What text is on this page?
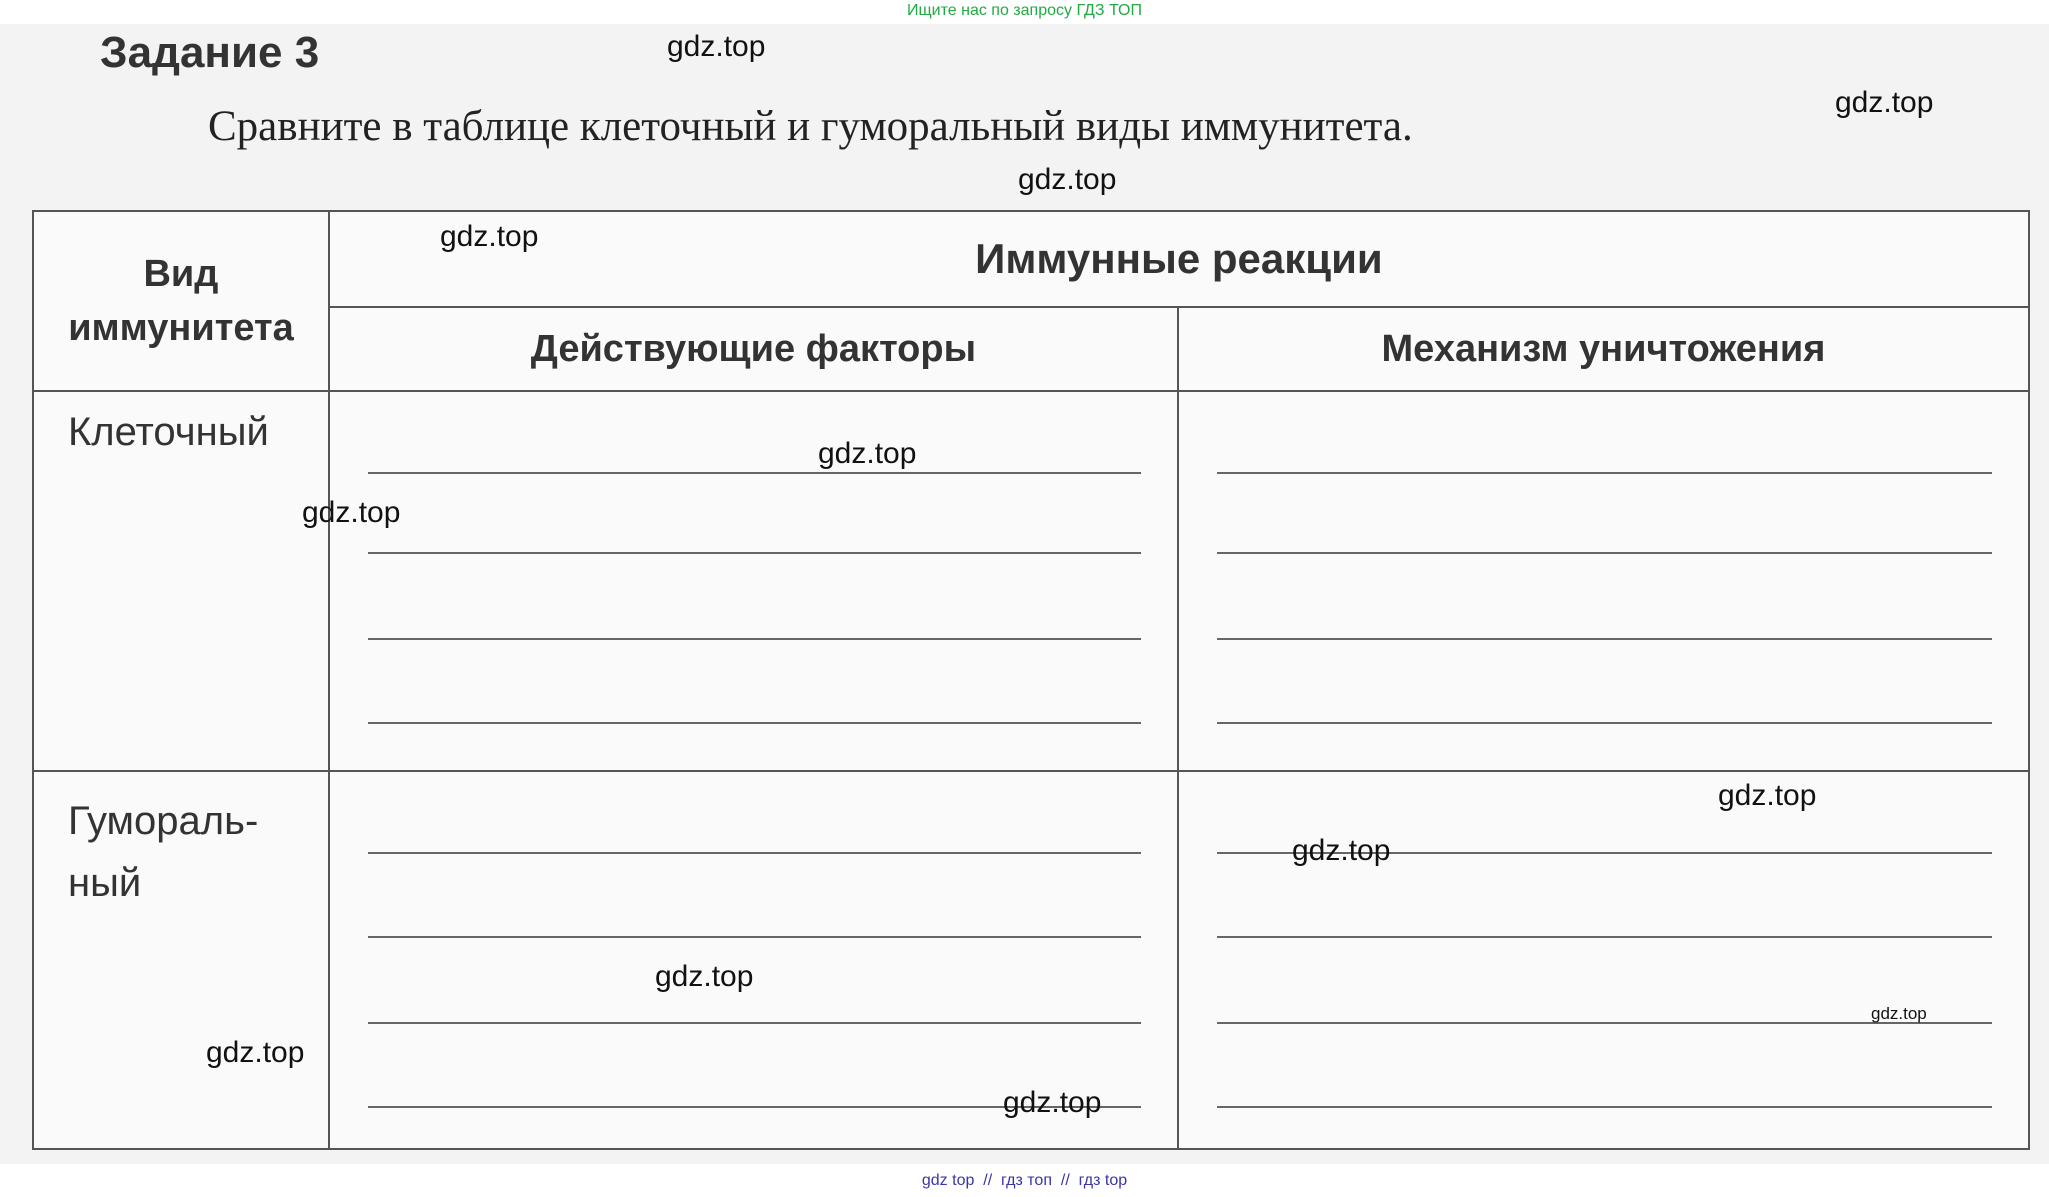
Ищите нас по запросу ГДЗ ТОП
Задание 3
Сравните в таблице клеточный и гуморальный виды иммунитета.
Вид иммунитета	Иммунные реакции	
	Действующие факторы	Механизм уничтожения
Клеточный	

Гумораль-
ный		

gdz.top
gdz.top
gdz.top
gdz.top
gdz.top
gdz.top
gdz.top
gdz.top
gdz.top
gdz.top
gdz.top
gdz.top
gdz top  //  гдз топ  //  гдз top
